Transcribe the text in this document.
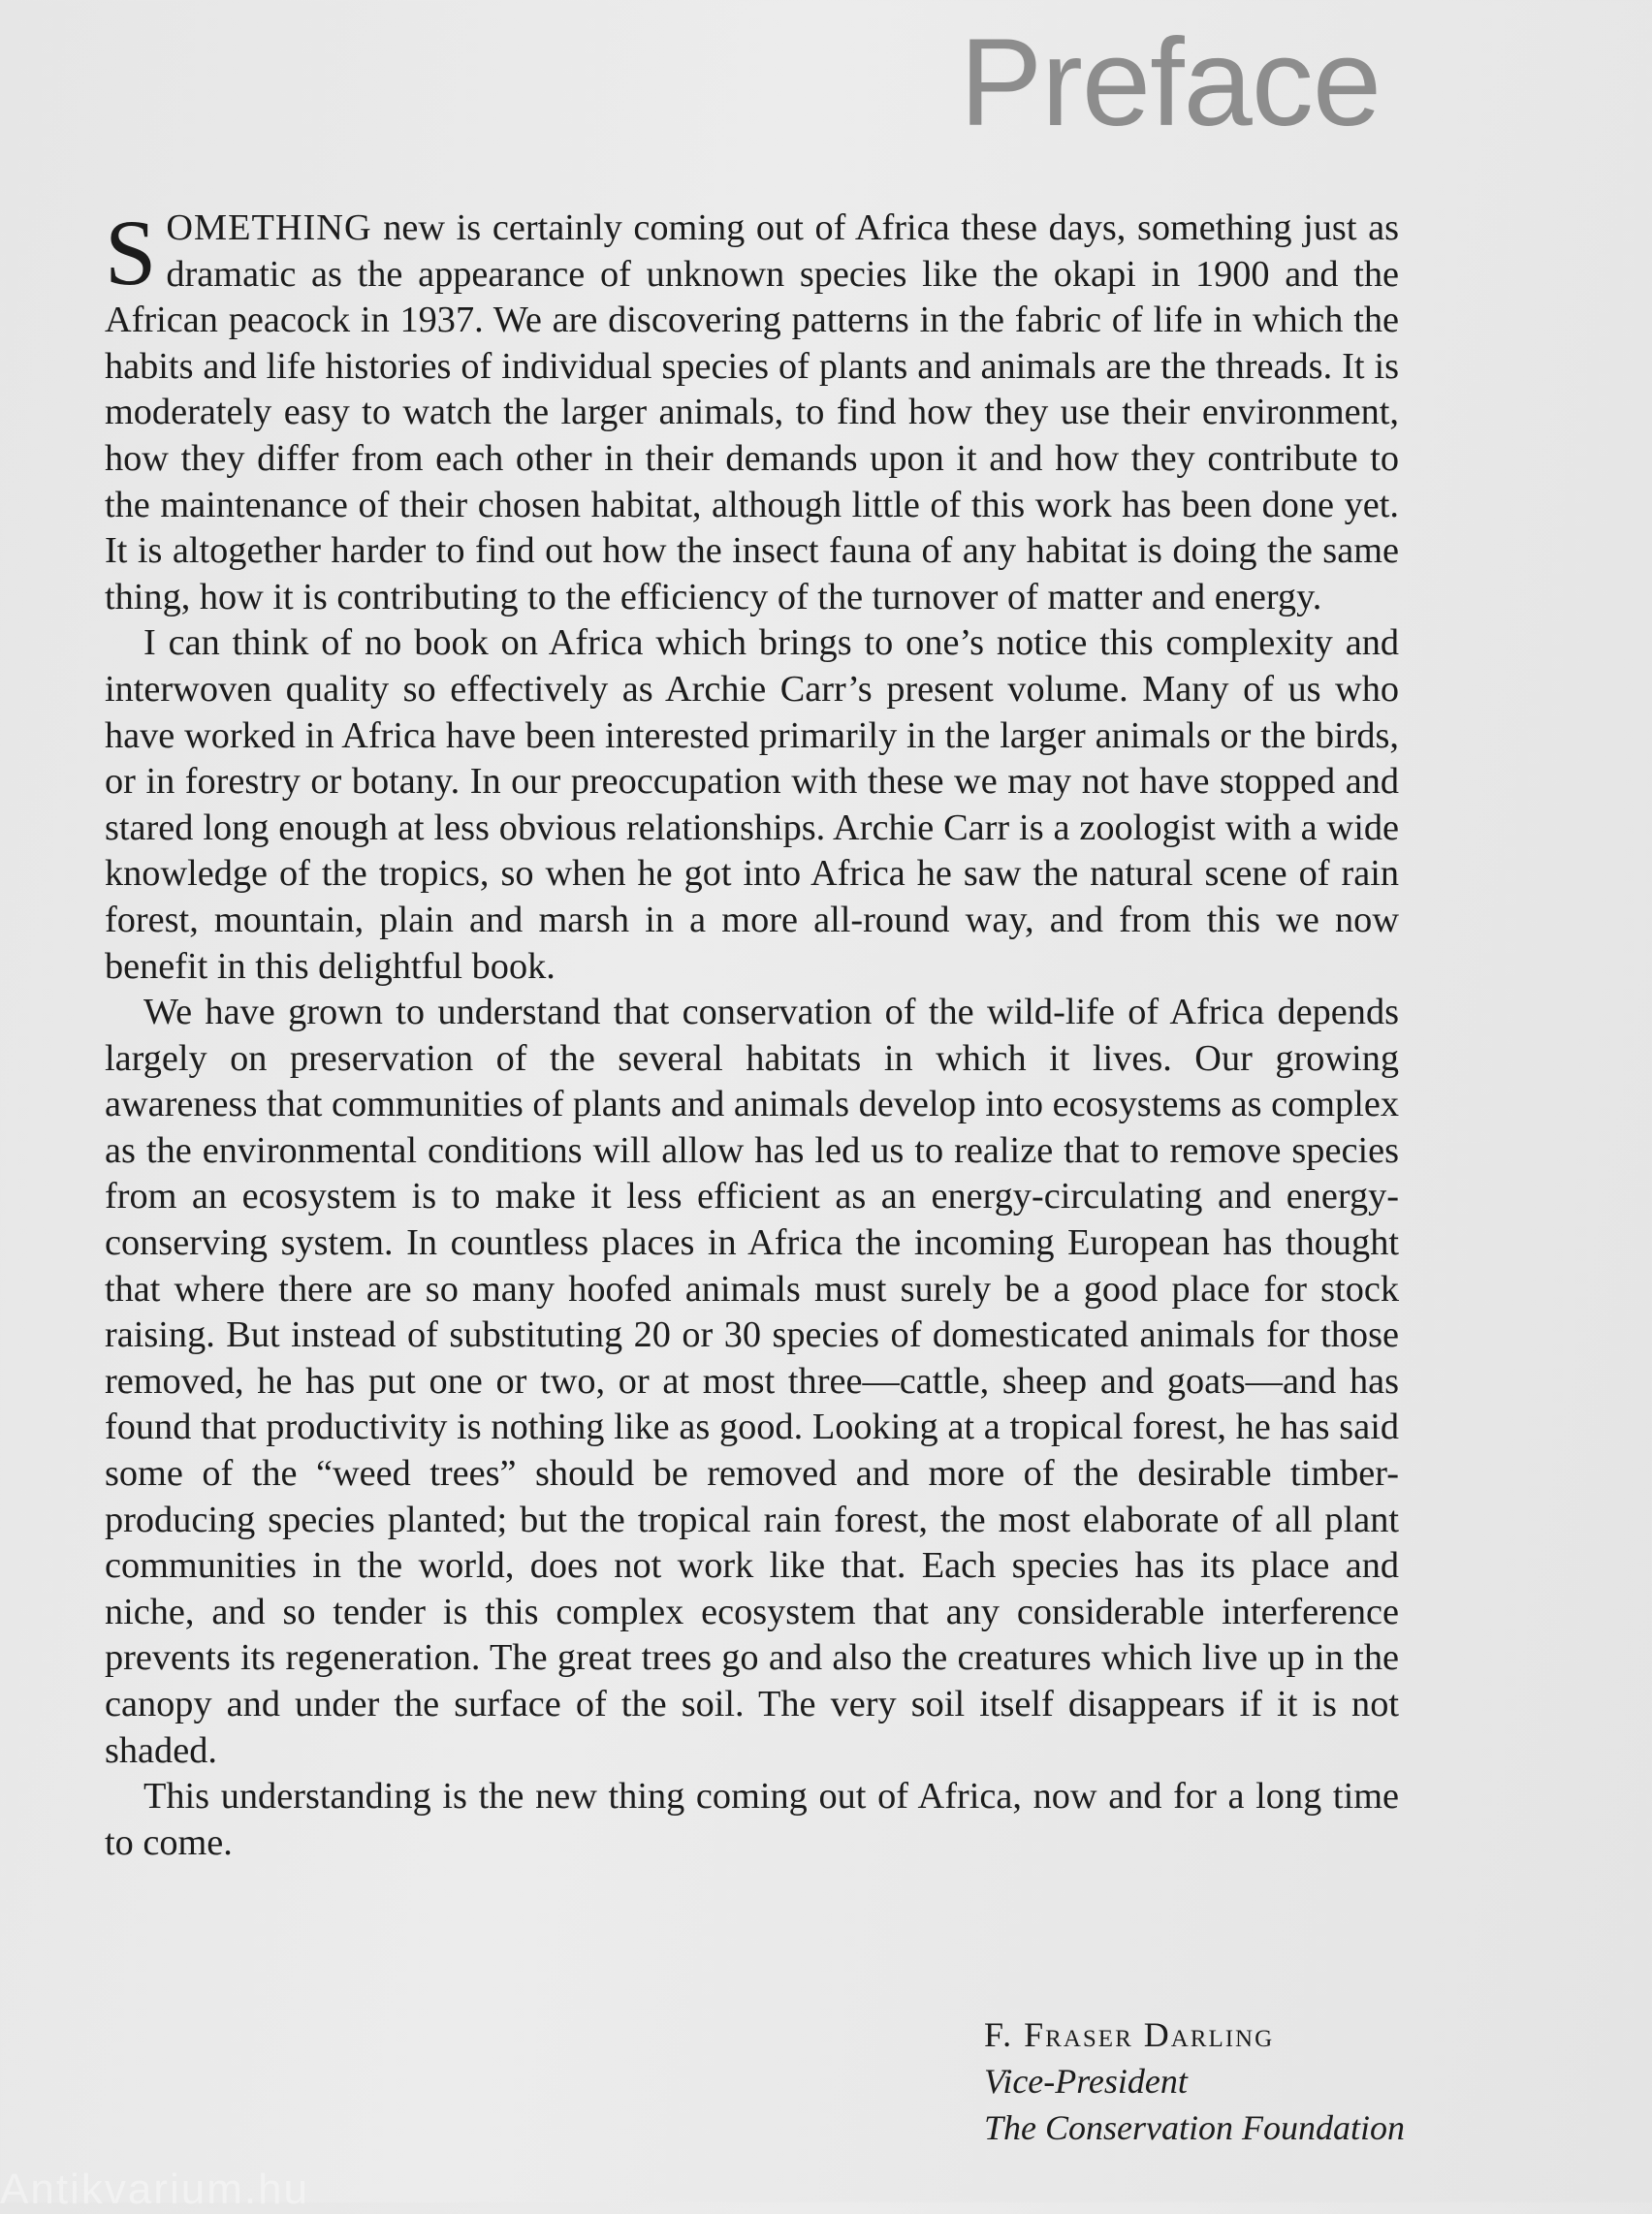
Preface

SOMETHING new is certainly coming out of Africa these days, something just as dramatic as the appearance of unknown species like the okapi in 1900 and the African peacock in 1937. We are discovering patterns in the fabric of life in which the habits and life histories of individual species of plants and animals are the threads. It is moderately easy to watch the larger animals, to find how they use their environment, how they differ from each other in their demands upon it and how they contribute to the maintenance of their chosen habitat, although little of this work has been done yet. It is altogether harder to find out how the insect fauna of any habitat is doing the same thing, how it is contributing to the efficiency of the turnover of matter and energy.

I can think of no book on Africa which brings to one’s notice this complexity and interwoven quality so effectively as Archie Carr’s present volume. Many of us who have worked in Africa have been interested primarily in the larger animals or the birds, or in forestry or botany. In our preoccupation with these we may not have stopped and stared long enough at less obvious relationships. Archie Carr is a zoologist with a wide knowledge of the tropics, so when he got into Africa he saw the natural scene of rain forest, mountain, plain and marsh in a more all-round way, and from this we now benefit in this delightful book.

We have grown to understand that conservation of the wild-life of Africa depends largely on preservation of the several habitats in which it lives. Our growing awareness that communities of plants and animals develop into ecosystems as complex as the environmental conditions will allow has led us to realize that to remove species from an ecosystem is to make it less efficient as an energy-circulating and energy-conserving system. In countless places in Africa the incoming European has thought that where there are so many hoofed animals must surely be a good place for stock raising. But instead of substituting 20 or 30 species of domesticated animals for those removed, he has put one or two, or at most three—cattle, sheep and goats—and has found that productivity is nothing like as good. Looking at a tropical forest, he has said some of the “weed trees” should be removed and more of the desirable timber-producing species planted; but the tropical rain forest, the most elaborate of all plant communities in the world, does not work like that. Each species has its place and niche, and so tender is this complex ecosystem that any considerable interference prevents its regeneration. The great trees go and also the creatures which live up in the canopy and under the surface of the soil. The very soil itself disappears if it is not shaded.

This understanding is the new thing coming out of Africa, now and for a long time to come.

F. Fraser Darling
Vice-President
The Conservation Foundation
Antikvarium.hu
